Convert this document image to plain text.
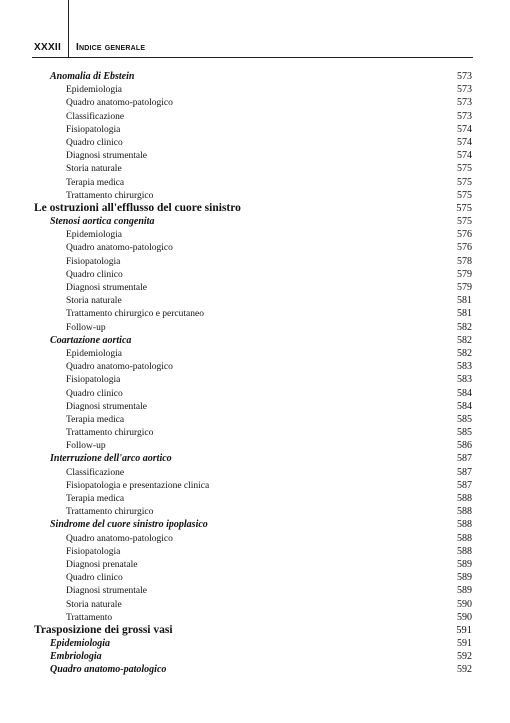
XXXII Indice generale
Anomalia di Ebstein	573
Epidemiologia	573
Quadro anatomo-patologico	573
Classificazione	573
Fisiopatologia	574
Quadro clinico	574
Diagnosi strumentale	574
Storia naturale	575
Terapia medica	575
Trattamento chirurgico	575
Le ostruzioni all'efflusso del cuore sinistro	575
Stenosi aortica congenita	575
Epidemiologia	576
Quadro anatomo-patologico	576
Fisiopatologia	578
Quadro clinico	579
Diagnosi strumentale	579
Storia naturale	581
Trattamento chirurgico e percutaneo	581
Follow-up	582
Coartazione aortica	582
Epidemiologia	582
Quadro anatomo-patologico	583
Fisiopatologia	583
Quadro clinico	584
Diagnosi strumentale	584
Terapia medica	585
Trattamento chirurgico	585
Follow-up	586
Interruzione dell'arco aortico	587
Classificazione	587
Fisiopatologia e presentazione clinica	587
Terapia medica	588
Trattamento chirurgico	588
Sindrome del cuore sinistro ipoplasico	588
Quadro anatomo-patologico	588
Fisiopatologia	588
Diagnosi prenatale	589
Quadro clinico	589
Diagnosi strumentale	589
Storia naturale	590
Trattamento	590
Trasposizione dei grossi vasi	591
Epidemiologia	591
Embriologia	592
Quadro anatomo-patologico	592
